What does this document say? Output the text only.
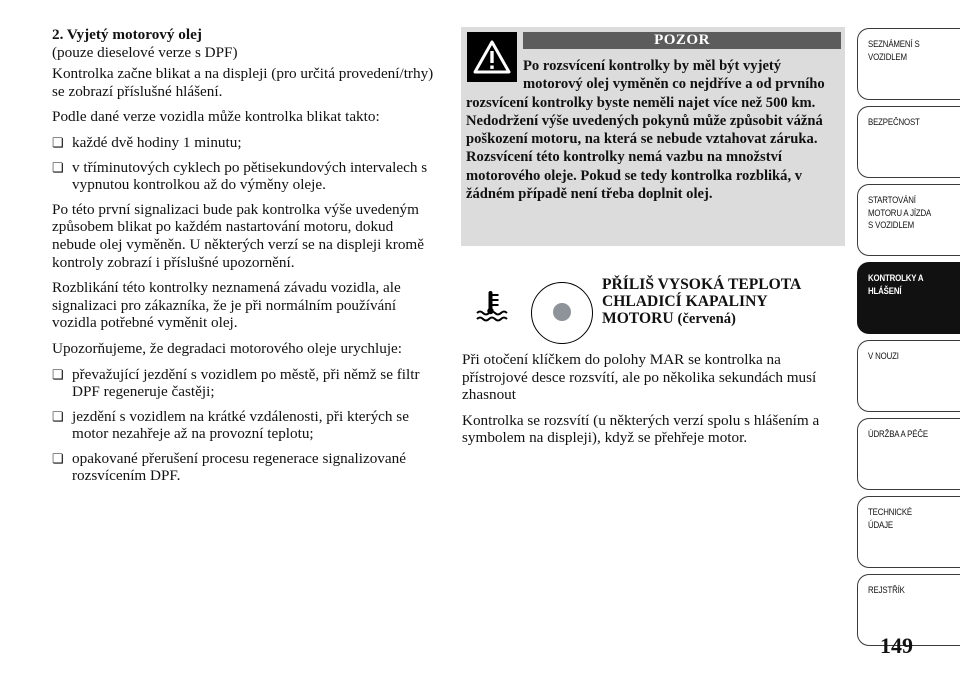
2. Vyjetý motorový olej
(pouze dieselové verze s DPF)

Kontrolka začne blikat a na displeji (pro určitá provedení/trhy) se zobrazí příslušné hlášení.

Podle dané verze vozidla může kontrolka blikat takto:

❏ každé dvě hodiny 1 minutu;
❏ v tříminutových cyklech po pětisekundových intervalech s vypnutou kontrolkou až do výměny oleje.

Po této první signalizaci bude pak kontrolka výše uvedeným způsobem blikat po každém nastartování motoru, dokud nebude olej vyměněn. U některých verzí se na displeji kromě kontroly zobrazí i příslušné upozornění.

Rozblikání této kontrolky neznamená závadu vozidla, ale signalizaci pro zákazníka, že je při normálním používání vozidla potřebné vyměnit olej.

Upozorňujeme, že degradaci motorového oleje urychluje:

❏ převažující jezdění s vozidlem po městě, při němž se filtr DPF regeneruje častěji;
❏ jezdění s vozidlem na krátké vzdálenosti, při kterých se motor nezahřeje až na provozní teplotu;
❏ opakované přerušení procesu regenerace signalizované rozsvícením DPF.
POZOR
Po rozsvícení kontrolky by měl být vyjetý motorový olej vyměněn co nejdříve a od prvního rozsvícení kontrolky byste neměli najet více než 500 km. Nedodržení výše uvedených pokynů může způsobit vážná poškození motoru, na která se nebude vztahovat záruka. Rozsvícení této kontrolky nemá vazbu na množství motorového oleje. Pokud se tedy kontrolka rozbliká, v žádném případě není třeba doplnit olej.
PŘÍLIŠ VYSOKÁ TEPLOTA CHLADICÍ KAPALINY MOTORU (červená)

Při otočení klíčkem do polohy MAR se kontrolka na přístrojové desce rozsvítí, ale po několika sekundách musí zhasnout

Kontrolka se rozsvítí (u některých verzí spolu s hlášením a symbolem na displeji), když se přehřeje motor.

SEZNÁMENÍ S
VOZIDLEM
BEZPEČNOST
STARTOVÁNÍ
MOTORU A JÍZDA
S VOZIDLEM
KONTROLKY A
HLÁŠENÍ
V NOUZI
ÚDRŽBA A PÉČE
TECHNICKÉ
ÚDAJE
REJSTŘÍK
149
